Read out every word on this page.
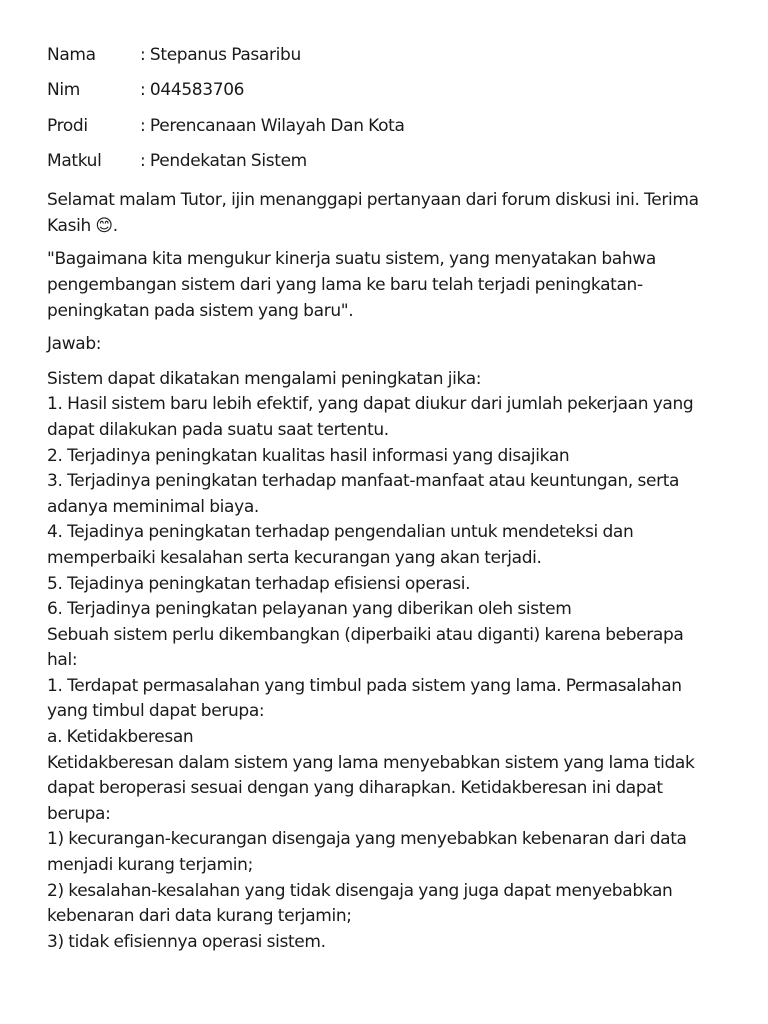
Nama	: Stepanus Pasaribu
Nim	: 044583706
Prodi	: Perencanaan Wilayah Dan Kota
Matkul	: Pendekatan Sistem

Selamat malam Tutor, ijin menanggapi pertanyaan dari forum diskusi ini. Terima
Kasih 😊.

"Bagaimana kita mengukur kinerja suatu sistem, yang menyatakan bahwa
pengembangan sistem dari yang lama ke baru telah terjadi peningkatan-
peningkatan pada sistem yang baru".

Jawab:

Sistem dapat dikatakan mengalami peningkatan jika:
1. Hasil sistem baru lebih efektif, yang dapat diukur dari jumlah pekerjaan yang
dapat dilakukan pada suatu saat tertentu.
2. Terjadinya peningkatan kualitas hasil informasi yang disajikan
3. Terjadinya peningkatan terhadap manfaat-manfaat atau keuntungan, serta
adanya meminimal biaya.
4. Tejadinya peningkatan terhadap pengendalian untuk mendeteksi dan
memperbaiki kesalahan serta kecurangan yang akan terjadi.
5. Tejadinya peningkatan terhadap efisiensi operasi.
6. Terjadinya peningkatan pelayanan yang diberikan oleh sistem
Sebuah sistem perlu dikembangkan (diperbaiki atau diganti) karena beberapa
hal:
1. Terdapat permasalahan yang timbul pada sistem yang lama. Permasalahan
yang timbul dapat berupa:
a. Ketidakberesan
Ketidakberesan dalam sistem yang lama menyebabkan sistem yang lama tidak
dapat beroperasi sesuai dengan yang diharapkan. Ketidakberesan ini dapat
berupa:
1) kecurangan-kecurangan disengaja yang menyebabkan kebenaran dari data
menjadi kurang terjamin;
2) kesalahan-kesalahan yang tidak disengaja yang juga dapat menyebabkan
kebenaran dari data kurang terjamin;
3) tidak efisiennya operasi sistem.
